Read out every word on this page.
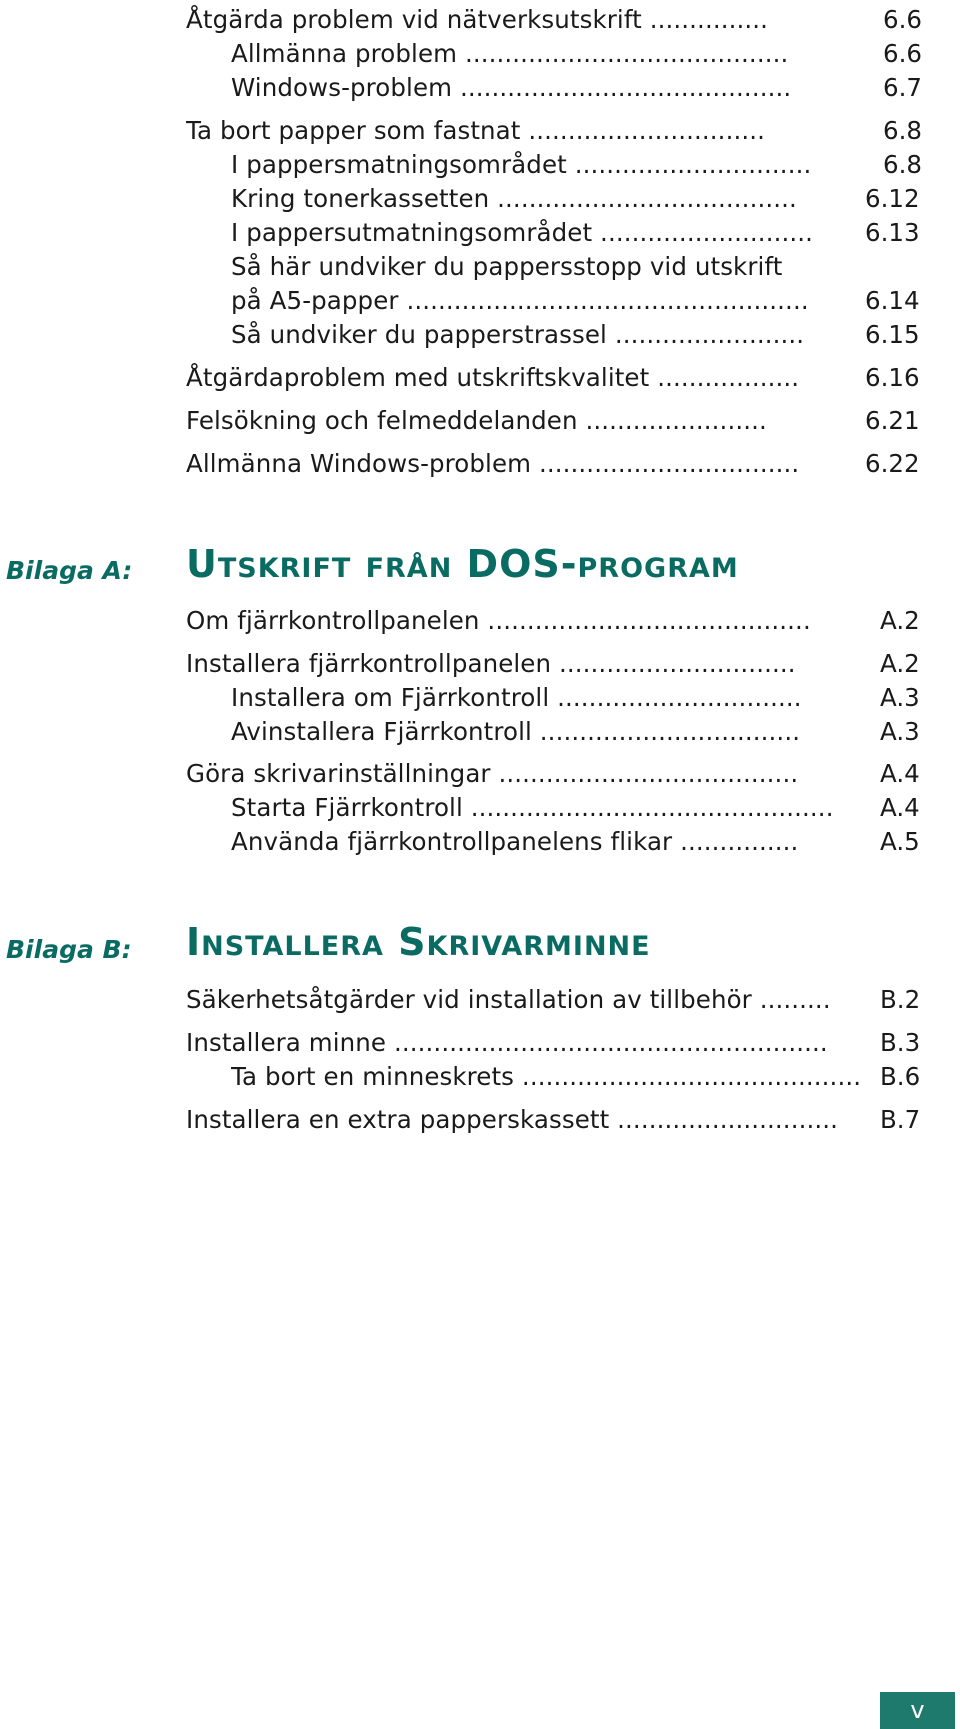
Åtgärda problem vid nätverksutskrift ...............	6.6
Allmänna problem .........................................	6.6
Windows-problem ..........................................	6.7
Ta bort papper som fastnat ..............................	6.8
I pappersmatningsområdet ..............................	6.8
Kring tonerkassetten ......................................	6.12
I pappersutmatningsområdet ...........................	6.13
Så här undviker du pappersstopp vid utskrift
på A5-papper ...................................................	6.14
Så undviker du papperstrassel ........................	6.15
Åtgärdaproblem med utskriftskvalitet ..................	6.16
Felsökning och felmeddelanden .......................	6.21
Allmänna Windows-problem .................................	6.22
Bilaga A: Utskrift från DOS-program
Om fjärrkontrollpanelen .........................................	A.2
Installera fjärrkontrollpanelen ..............................	A.2
Installera om Fjärrkontroll ...............................	A.3
Avinstallera Fjärrkontroll .................................	A.3
Göra skrivarinställningar ......................................	A.4
Starta Fjärrkontroll ..............................................	A.4
Använda fjärrkontrollpanelens flikar ...............	A.5
Bilaga B: Installera Skrivarminne
Säkerhetsåtgärder vid installation av tillbehör .........	B.2
Installera minne .......................................................	B.3
Ta bort en minneskrets ........................................... B.6
Installera en extra papperskassett ............................	B.7
v
